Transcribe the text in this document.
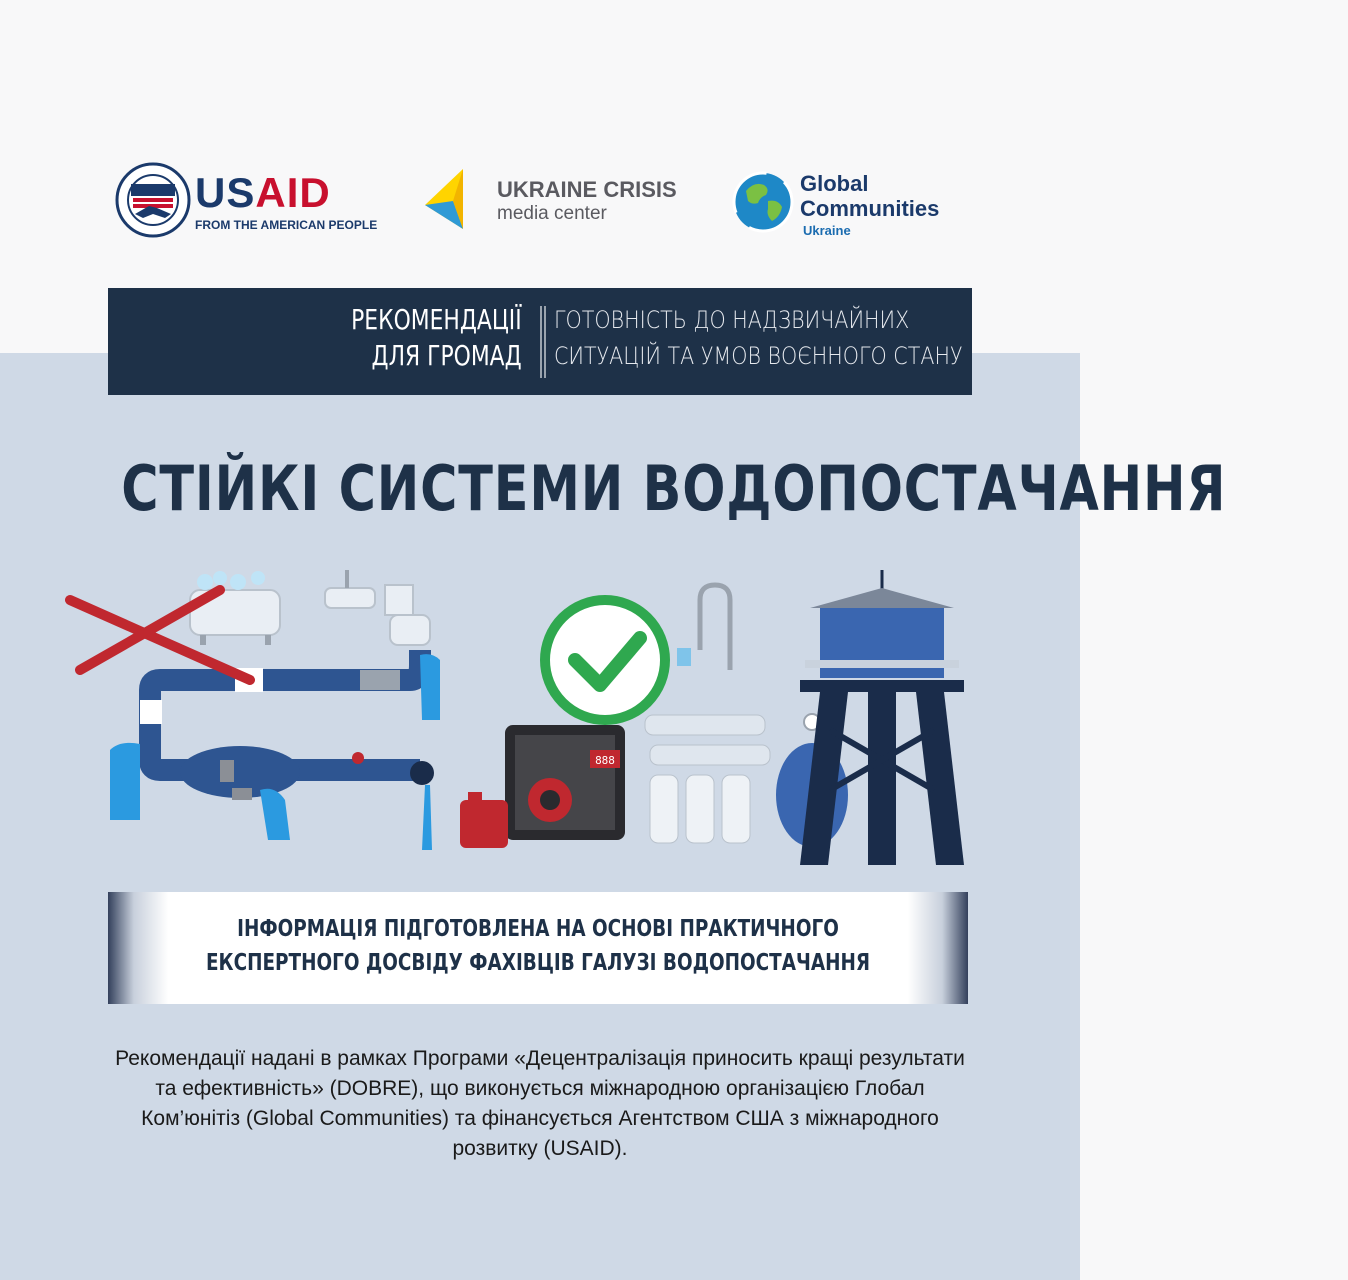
USAID
FROM THE AMERICAN PEOPLE
UKRAINE CRISIS
media center
Global
Communities
Ukraine
РЕКОМЕНДАЦІЇ
ДЛЯ ГРОМАД
ГОТОВНІСТЬ ДО НАДЗВИЧАЙНИХ
СИТУАЦІЙ ТА УМОВ ВОЄННОГО СТАНУ
СТІЙКІ СИСТЕМИ ВОДОПОСТАЧАННЯ
888
ІНФОРМАЦІЯ ПІДГОТОВЛЕНА НА ОСНОВІ ПРАКТИЧНОГО
ЕКСПЕРТНОГО ДОСВІДУ ФАХІВЦІВ ГАЛУЗІ ВОДОПОСТАЧАННЯ
Рекомендації надані в рамках Програми «Децентралізація приносить кращі результати
та ефективність» (DOBRE), що виконується міжнародною організацією Глобал
Ком’юнітіз (Global Communities) та фінансується Агентством США з міжнародного
розвитку (USAID).
